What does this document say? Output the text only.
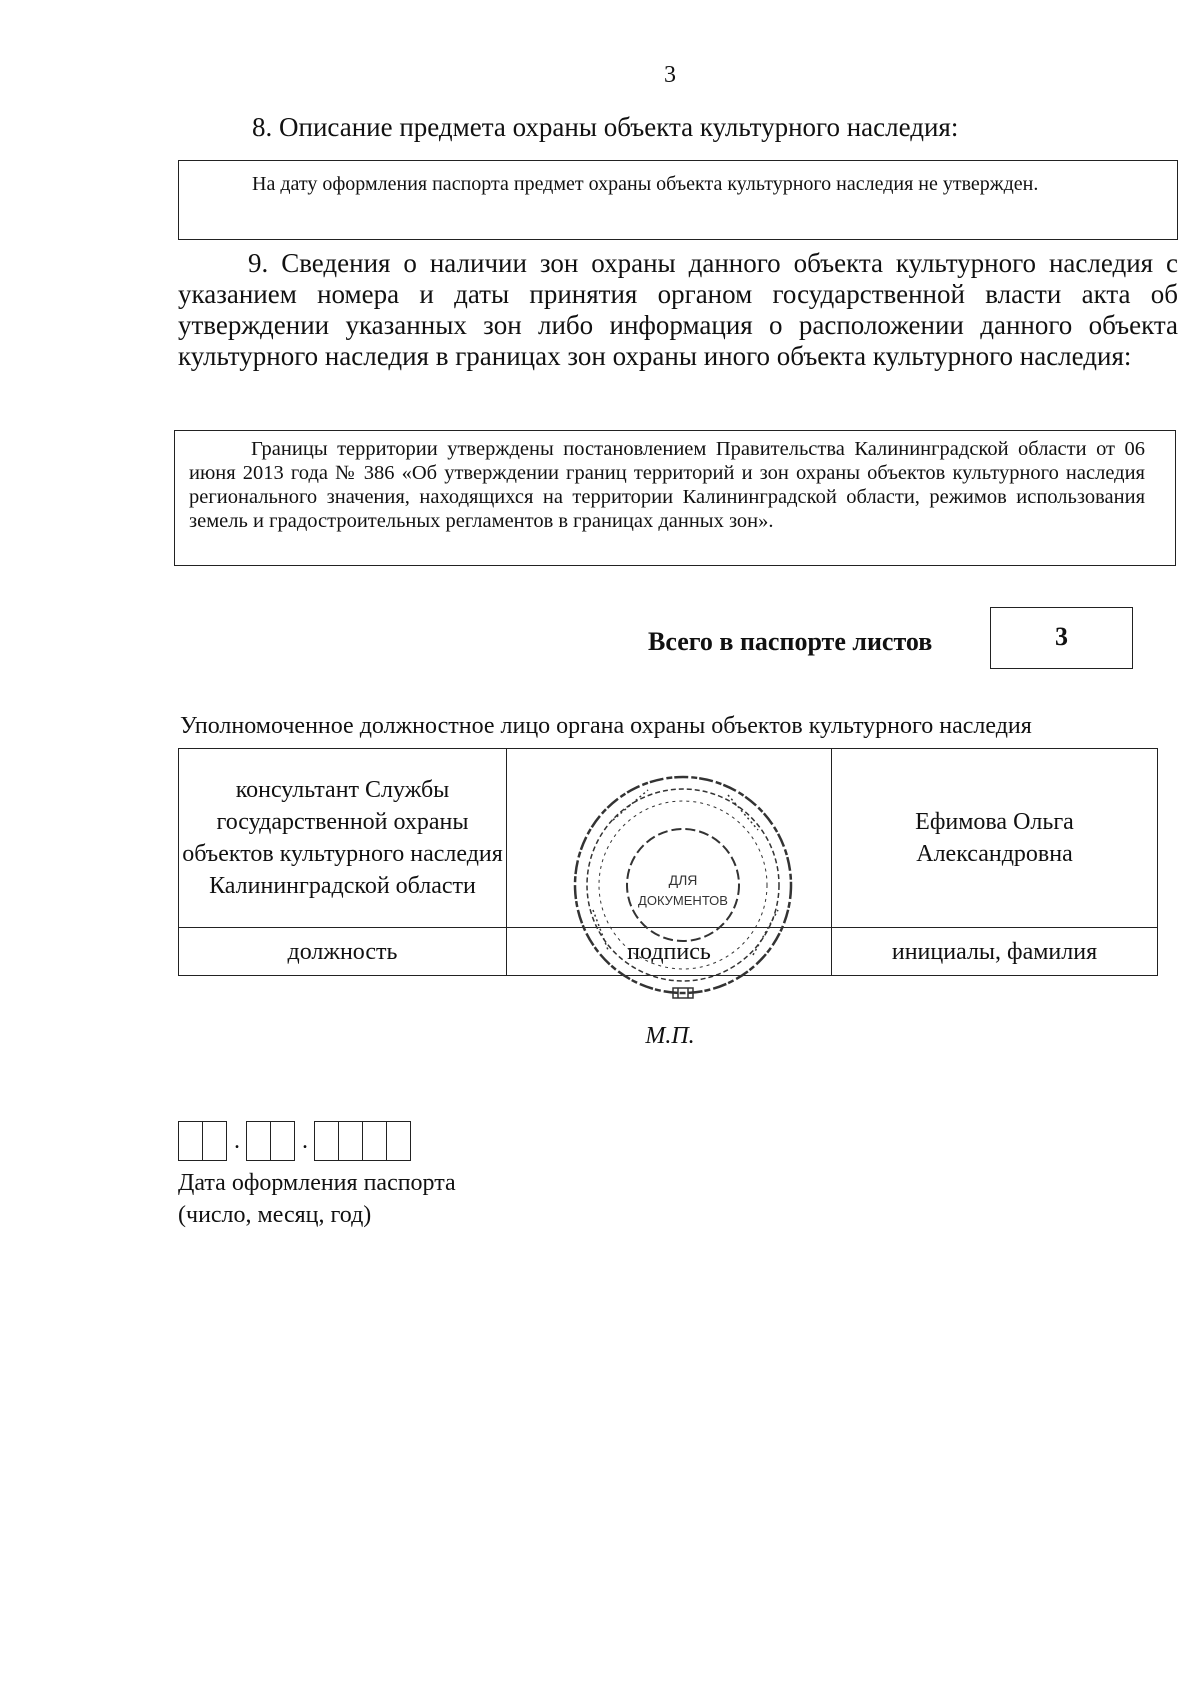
3
8. Описание предмета охраны объекта культурного наследия:
На дату оформления паспорта предмет охраны объекта культурного наследия не утвержден.
9. Сведения о наличии зон охраны данного объекта культурного наследия с указанием номера и даты принятия органом государственной власти акта об утверждении указанных зон либо информация о расположении данного объекта культурного наследия в границах зон охраны иного объекта культурного наследия:
Границы территории утверждены постановлением Правительства Калининградской области от 06 июня 2013 года № 386 «Об утверждении границ территорий и зон охраны объектов культурного наследия регионального значения, находящихся на территории Калининградской области, режимов использования земель и градостроительных регламентов в границах данных зон».
Всего в паспорте листов	3
Уполномоченное должностное лицо органа охраны объектов культурного наследия
консультант Службы государственной охраны объектов культурного наследия Калининградской области		Ефимова Ольга Александровна

должность	подпись	инициалы, фамилия
ДЛЯ
ДОКУМЕНТОВ
М.П.
.	.
Дата оформления паспорта
(число, месяц, год)
